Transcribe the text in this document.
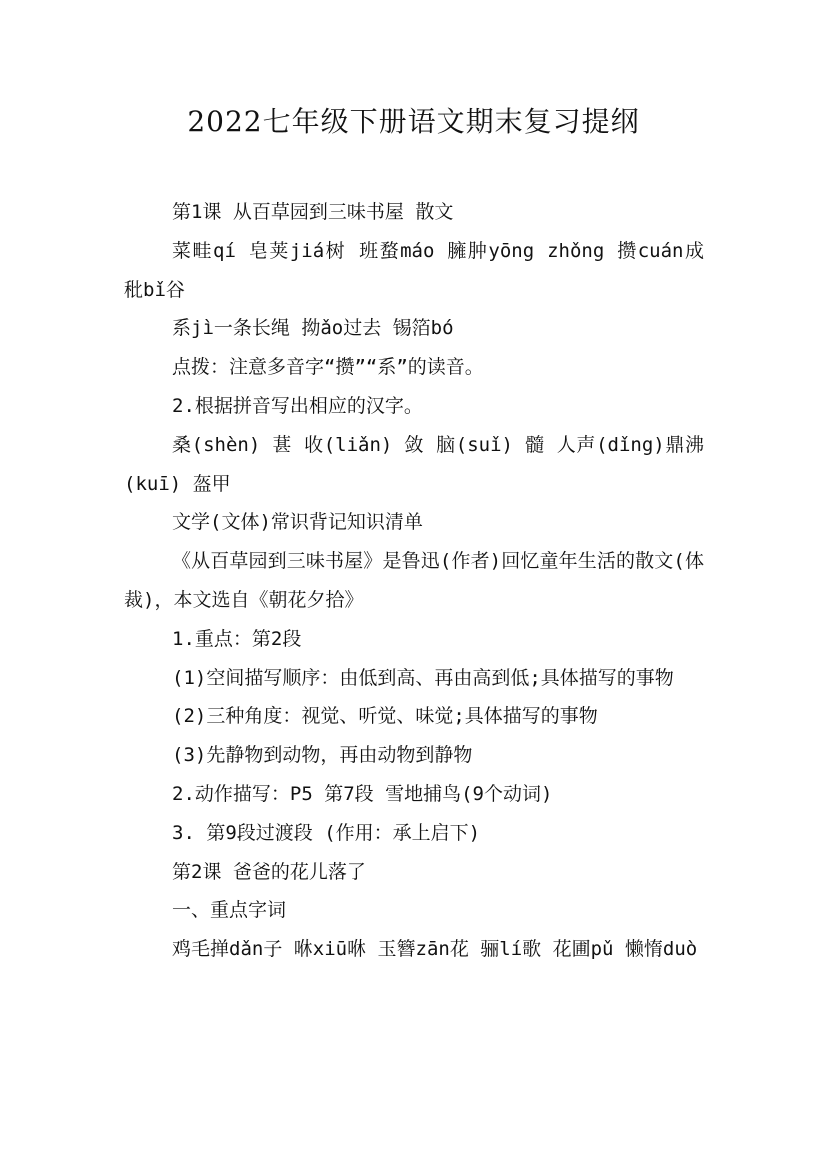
2022七年级下册语文期末复习提纲

第1课 从百草园到三味书屋 散文

菜畦qí 皂荚jiá树 班蝥máo 臃肿yōng zhǒng 攒cuán成 秕bǐ谷

系jì一条长绳 拗ǎo过去 锡箔bó

点拨：注意多音字“攒”“系”的读音。

2.根据拼音写出相应的汉字。

桑(shèn) 葚 收(liǎn) 敛 脑(suǐ) 髓 人声(dǐng)鼎沸 (kuī) 盔甲

文学(文体)常识背记知识清单

《从百草园到三味书屋》是鲁迅(作者)回忆童年生活的散文(体裁)，本文选自《朝花夕拾》

1.重点：第2段

(1)空间描写顺序：由低到高、再由高到低;具体描写的事物

(2)三种角度：视觉、听觉、味觉;具体描写的事物

(3)先静物到动物，再由动物到静物

2.动作描写：P5 第7段 雪地捕鸟(9个动词)

3. 第9段过渡段 (作用：承上启下)

第2课 爸爸的花儿落了

一、重点字词

鸡毛掸dǎn子 咻xiū咻 玉簪zān花 骊lí歌 花圃pǔ 懒惰duò
